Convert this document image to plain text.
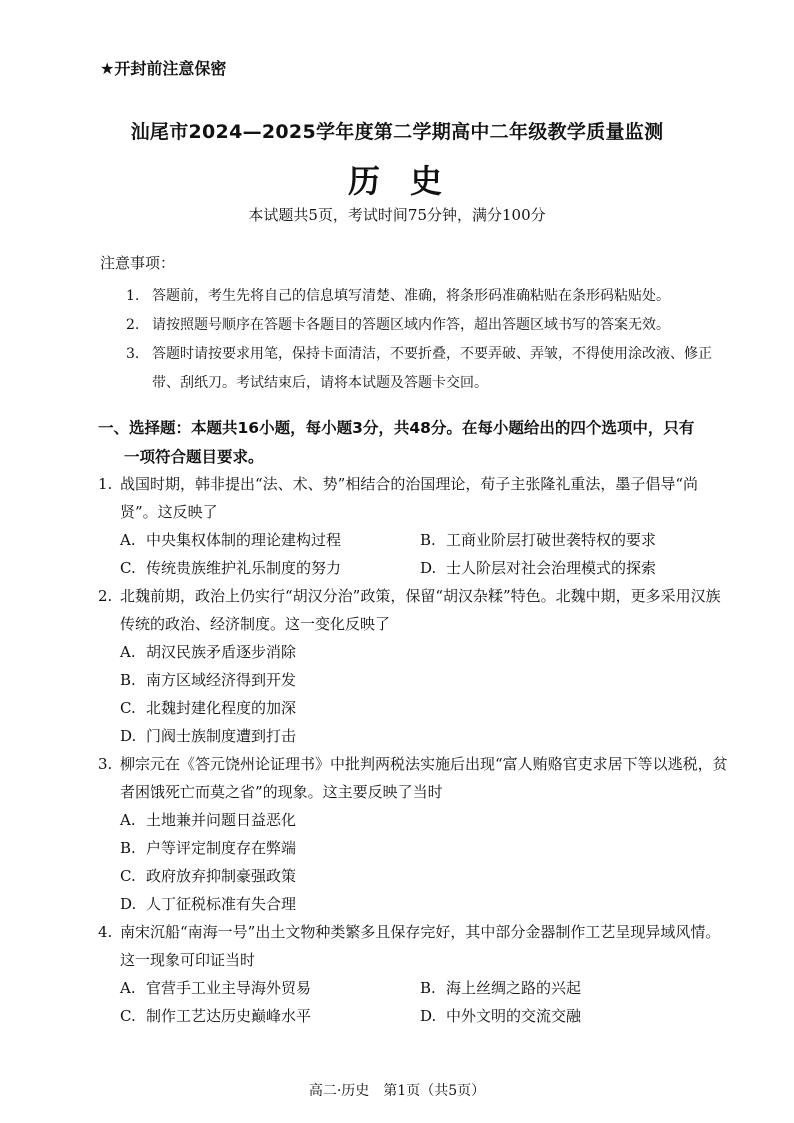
★开封前注意保密
汕尾市2024—2025学年度第二学期高中二年级教学质量监测
历 史
本试题共5页，考试时间75分钟，满分100分
注意事项：
1. 答题前，考生先将自己的信息填写清楚、准确，将条形码准确粘贴在条形码粘贴处。
2. 请按照题号顺序在答题卡各题目的答题区域内作答，超出答题区域书写的答案无效。
3. 答题时请按要求用笔，保持卡面清洁，不要折叠，不要弄破、弄皱，不得使用涂改液、修正带、刮纸刀。考试结束后，请将本试题及答题卡交回。
一、选择题：本题共16小题，每小题3分，共48分。在每小题给出的四个选项中，只有
一项符合题目要求。
1. 战国时期，韩非提出“法、术、势”相结合的治国理论，荀子主张隆礼重法，墨子倡导“尚贤”。这反映了
A. 中央集权体制的理论建构过程	B. 工商业阶层打破世袭特权的要求
C. 传统贵族维护礼乐制度的努力	D. 士人阶层对社会治理模式的探索
2. 北魏前期，政治上仍实行“胡汉分治”政策，保留“胡汉杂糅”特色。北魏中期，更多采用汉族传统的政治、经济制度。这一变化反映了
A. 胡汉民族矛盾逐步消除
B. 南方区域经济得到开发
C. 北魏封建化程度的加深
D. 门阀士族制度遭到打击
3. 柳宗元在《答元饶州论证理书》中批判两税法实施后出现“富人贿赂官吏求居下等以逃税，贫者困饿死亡而莫之省”的现象。这主要反映了当时
A. 土地兼并问题日益恶化
B. 户等评定制度存在弊端
C. 政府放弃抑制豪强政策
D. 人丁征税标准有失合理
4. 南宋沉船“南海一号”出土文物种类繁多且保存完好，其中部分金器制作工艺呈现异域风情。这一现象可印证当时
A. 官营手工业主导海外贸易	B. 海上丝绸之路的兴起
C. 制作工艺达历史巅峰水平	D. 中外文明的交流交融
高二·历史　第1页（共5页）
